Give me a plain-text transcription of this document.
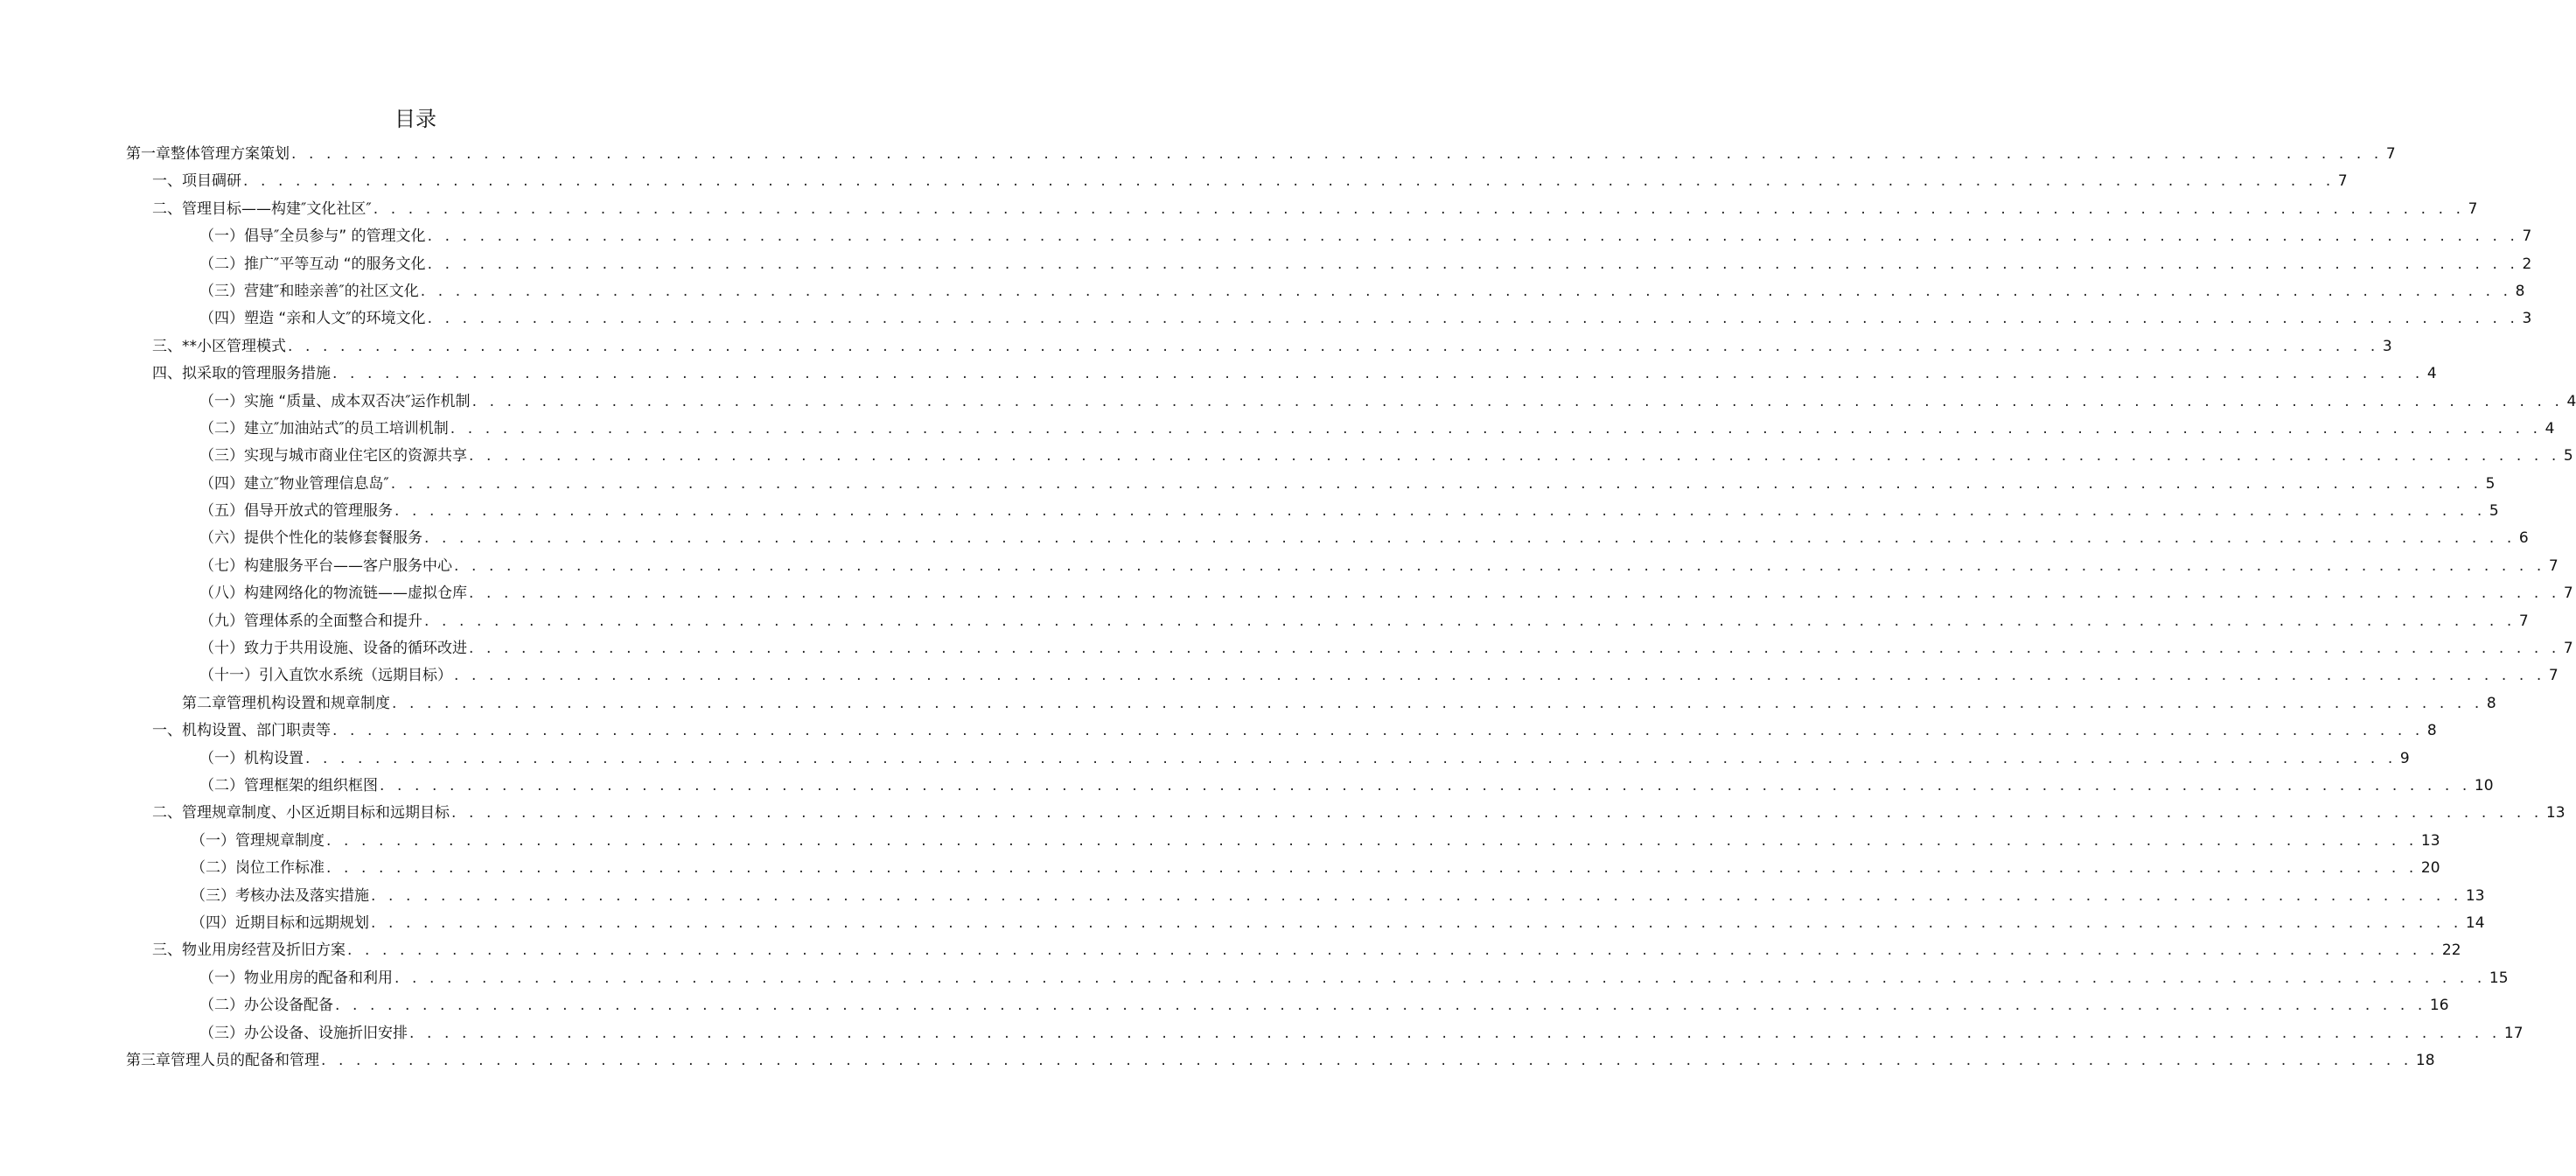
目录
第一章整体管理方案策划 . . . . . . . . . . . . . . . . . . . . . . . . . . . . . . . . . . . . . . . . . . . . . . . . . . . . . . . . . . . . . . . . . . . . . . . . . . . . . . . . . . . . . . . . . . . . . . . . . . . . . . . . . . . . . . . . . . . . . . . . 7
一、项目碉研 . . . . . . . . . . . . . . . . . . . . . . . . . . . . . . . . . . . . . . . . . . . . . . . . . . . . . . . . . . . . . . . . . . . . . . . . . . . . . . . . . . . . . . . . . . . . . . . . . . . . . . . . . . . . . . . . . . . . . . . . 7
二、管理目标——构建″文化社区″ . . . . . . . . . . . . . . . . . . . . . . . . . . . . . . . . . . . . . . . . . . . . . . . . . . . . . . . . . . . . . . . . . . . . . . . . . . . . . . . . . . . . . . . . . . . . . . . . . . . . . . . . . . . . . . . . . . . . . . . . 7
（一）倡导″全员参与” 的管理文化 . . . . . . . . . . . . . . . . . . . . . . . . . . . . . . . . . . . . . . . . . . . . . . . . . . . . . . . . . . . . . . . . . . . . . . . . . . . . . . . . . . . . . . . . . . . . . . . . . . . . . . . . . . . . . . . . . . . . . . . . 7
（二）推广″平等互动 “的服务文化 . . . . . . . . . . . . . . . . . . . . . . . . . . . . . . . . . . . . . . . . . . . . . . . . . . . . . . . . . . . . . . . . . . . . . . . . . . . . . . . . . . . . . . . . . . . . . . . . . . . . . . . . . . . . . . . . . . . . . . . . 2
（三）营建″和睦亲善″的社区文化 . . . . . . . . . . . . . . . . . . . . . . . . . . . . . . . . . . . . . . . . . . . . . . . . . . . . . . . . . . . . . . . . . . . . . . . . . . . . . . . . . . . . . . . . . . . . . . . . . . . . . . . . . . . . . . . . . . . . . . . . 8
（四）塑造 “亲和人文″的环境文化 . . . . . . . . . . . . . . . . . . . . . . . . . . . . . . . . . . . . . . . . . . . . . . . . . . . . . . . . . . . . . . . . . . . . . . . . . . . . . . . . . . . . . . . . . . . . . . . . . . . . . . . . . . . . . . . . . . . . . . . . 3
三、**小区管理模式 . . . . . . . . . . . . . . . . . . . . . . . . . . . . . . . . . . . . . . . . . . . . . . . . . . . . . . . . . . . . . . . . . . . . . . . . . . . . . . . . . . . . . . . . . . . . . . . . . . . . . . . . . . . . . . . . . . . . . . . . 3
四、拟采取的管理服务措施 . . . . . . . . . . . . . . . . . . . . . . . . . . . . . . . . . . . . . . . . . . . . . . . . . . . . . . . . . . . . . . . . . . . . . . . . . . . . . . . . . . . . . . . . . . . . . . . . . . . . . . . . . . . . . . . . . . . . . . . . 4
（一）实施 “质量、成本双否决″运作机制 . . . . . . . . . . . . . . . . . . . . . . . . . . . . . . . . . . . . . . . . . . . . . . . . . . . . . . . . . . . . . . . . . . . . . . . . . . . . . . . . . . . . . . . . . . . . . . . . . . . . . . . . . . . . . . . . . . . . . . . . 4
（二）建立″加油站式″的员工培训机制 . . . . . . . . . . . . . . . . . . . . . . . . . . . . . . . . . . . . . . . . . . . . . . . . . . . . . . . . . . . . . . . . . . . . . . . . . . . . . . . . . . . . . . . . . . . . . . . . . . . . . . . . . . . . . . . . . . . . . . . . 4
（三）实现与城市商业住宅区的资源共享 . . . . . . . . . . . . . . . . . . . . . . . . . . . . . . . . . . . . . . . . . . . . . . . . . . . . . . . . . . . . . . . . . . . . . . . . . . . . . . . . . . . . . . . . . . . . . . . . . . . . . . . . . . . . . . . . . . . . . . . . 5
（四）建立″物业管理信息岛″ . . . . . . . . . . . . . . . . . . . . . . . . . . . . . . . . . . . . . . . . . . . . . . . . . . . . . . . . . . . . . . . . . . . . . . . . . . . . . . . . . . . . . . . . . . . . . . . . . . . . . . . . . . . . . . . . . . . . . . . . 5
（五）倡导开放式的管理服务 . . . . . . . . . . . . . . . . . . . . . . . . . . . . . . . . . . . . . . . . . . . . . . . . . . . . . . . . . . . . . . . . . . . . . . . . . . . . . . . . . . . . . . . . . . . . . . . . . . . . . . . . . . . . . . . . . . . . . . . . 5
（六）提供个性化的装修套餐服务 . . . . . . . . . . . . . . . . . . . . . . . . . . . . . . . . . . . . . . . . . . . . . . . . . . . . . . . . . . . . . . . . . . . . . . . . . . . . . . . . . . . . . . . . . . . . . . . . . . . . . . . . . . . . . . . . . . . . . . . . 6
（七）构建服务平台——客户服务中心 . . . . . . . . . . . . . . . . . . . . . . . . . . . . . . . . . . . . . . . . . . . . . . . . . . . . . . . . . . . . . . . . . . . . . . . . . . . . . . . . . . . . . . . . . . . . . . . . . . . . . . . . . . . . . . . . . . . . . . . . 7
（八）构建网络化的物流链——虚拟仓库 . . . . . . . . . . . . . . . . . . . . . . . . . . . . . . . . . . . . . . . . . . . . . . . . . . . . . . . . . . . . . . . . . . . . . . . . . . . . . . . . . . . . . . . . . . . . . . . . . . . . . . . . . . . . . . . . . . . . . . . . 7
（九）管理体系的全面整合和提升 . . . . . . . . . . . . . . . . . . . . . . . . . . . . . . . . . . . . . . . . . . . . . . . . . . . . . . . . . . . . . . . . . . . . . . . . . . . . . . . . . . . . . . . . . . . . . . . . . . . . . . . . . . . . . . . . . . . . . . . . 7
（十）致力于共用设施、设备的循环改进 . . . . . . . . . . . . . . . . . . . . . . . . . . . . . . . . . . . . . . . . . . . . . . . . . . . . . . . . . . . . . . . . . . . . . . . . . . . . . . . . . . . . . . . . . . . . . . . . . . . . . . . . . . . . . . . . . . . . . . . . 7
（十一）引入直饮水系统（远期目标） . . . . . . . . . . . . . . . . . . . . . . . . . . . . . . . . . . . . . . . . . . . . . . . . . . . . . . . . . . . . . . . . . . . . . . . . . . . . . . . . . . . . . . . . . . . . . . . . . . . . . . . . . . . . . . . . . . . . . . . . 7
第二章管理机构设置和规章制度 . . . . . . . . . . . . . . . . . . . . . . . . . . . . . . . . . . . . . . . . . . . . . . . . . . . . . . . . . . . . . . . . . . . . . . . . . . . . . . . . . . . . . . . . . . . . . . . . . . . . . . . . . . . . . . . . . . . . . . . . 8
一、机构设置、部门职责等 . . . . . . . . . . . . . . . . . . . . . . . . . . . . . . . . . . . . . . . . . . . . . . . . . . . . . . . . . . . . . . . . . . . . . . . . . . . . . . . . . . . . . . . . . . . . . . . . . . . . . . . . . . . . . . . . . . . . . . . . 8
（一）机构设置 . . . . . . . . . . . . . . . . . . . . . . . . . . . . . . . . . . . . . . . . . . . . . . . . . . . . . . . . . . . . . . . . . . . . . . . . . . . . . . . . . . . . . . . . . . . . . . . . . . . . . . . . . . . . . . . . . . . . . . . . 9
（二）管理框架的组织框图 . . . . . . . . . . . . . . . . . . . . . . . . . . . . . . . . . . . . . . . . . . . . . . . . . . . . . . . . . . . . . . . . . . . . . . . . . . . . . . . . . . . . . . . . . . . . . . . . . . . . . . . . . . . . . . . . . . . . . . . . 10
二、管理规章制度、小区近期目标和远期目标 . . . . . . . . . . . . . . . . . . . . . . . . . . . . . . . . . . . . . . . . . . . . . . . . . . . . . . . . . . . . . . . . . . . . . . . . . . . . . . . . . . . . . . . . . . . . . . . . . . . . . . . . . . . . . . . . . . . . . . . . 13
（一）管理规章制度 . . . . . . . . . . . . . . . . . . . . . . . . . . . . . . . . . . . . . . . . . . . . . . . . . . . . . . . . . . . . . . . . . . . . . . . . . . . . . . . . . . . . . . . . . . . . . . . . . . . . . . . . . . . . . . . . . . . . . . . . 13
（二）岗位工作标准 . . . . . . . . . . . . . . . . . . . . . . . . . . . . . . . . . . . . . . . . . . . . . . . . . . . . . . . . . . . . . . . . . . . . . . . . . . . . . . . . . . . . . . . . . . . . . . . . . . . . . . . . . . . . . . . . . . . . . . . . 20
（三）考核办法及落实措施 . . . . . . . . . . . . . . . . . . . . . . . . . . . . . . . . . . . . . . . . . . . . . . . . . . . . . . . . . . . . . . . . . . . . . . . . . . . . . . . . . . . . . . . . . . . . . . . . . . . . . . . . . . . . . . . . . . . . . . . . 13
（四）近期目标和远期规划 . . . . . . . . . . . . . . . . . . . . . . . . . . . . . . . . . . . . . . . . . . . . . . . . . . . . . . . . . . . . . . . . . . . . . . . . . . . . . . . . . . . . . . . . . . . . . . . . . . . . . . . . . . . . . . . . . . . . . . . . 14
三、物业用房经营及折旧方案 . . . . . . . . . . . . . . . . . . . . . . . . . . . . . . . . . . . . . . . . . . . . . . . . . . . . . . . . . . . . . . . . . . . . . . . . . . . . . . . . . . . . . . . . . . . . . . . . . . . . . . . . . . . . . . . . . . . . . . . . 22
（一）物业用房的配备和利用 . . . . . . . . . . . . . . . . . . . . . . . . . . . . . . . . . . . . . . . . . . . . . . . . . . . . . . . . . . . . . . . . . . . . . . . . . . . . . . . . . . . . . . . . . . . . . . . . . . . . . . . . . . . . . . . . . . . . . . . . 15
（二）办公设备配备 . . . . . . . . . . . . . . . . . . . . . . . . . . . . . . . . . . . . . . . . . . . . . . . . . . . . . . . . . . . . . . . . . . . . . . . . . . . . . . . . . . . . . . . . . . . . . . . . . . . . . . . . . . . . . . . . . . . . . . . . 16
（三）办公设备、设施折旧安排 . . . . . . . . . . . . . . . . . . . . . . . . . . . . . . . . . . . . . . . . . . . . . . . . . . . . . . . . . . . . . . . . . . . . . . . . . . . . . . . . . . . . . . . . . . . . . . . . . . . . . . . . . . . . . . . . . . . . . . . . 17
第三章管理人员的配备和管理 . . . . . . . . . . . . . . . . . . . . . . . . . . . . . . . . . . . . . . . . . . . . . . . . . . . . . . . . . . . . . . . . . . . . . . . . . . . . . . . . . . . . . . . . . . . . . . . . . . . . . . . . . . . . . . . . . . . . . . . . 18
